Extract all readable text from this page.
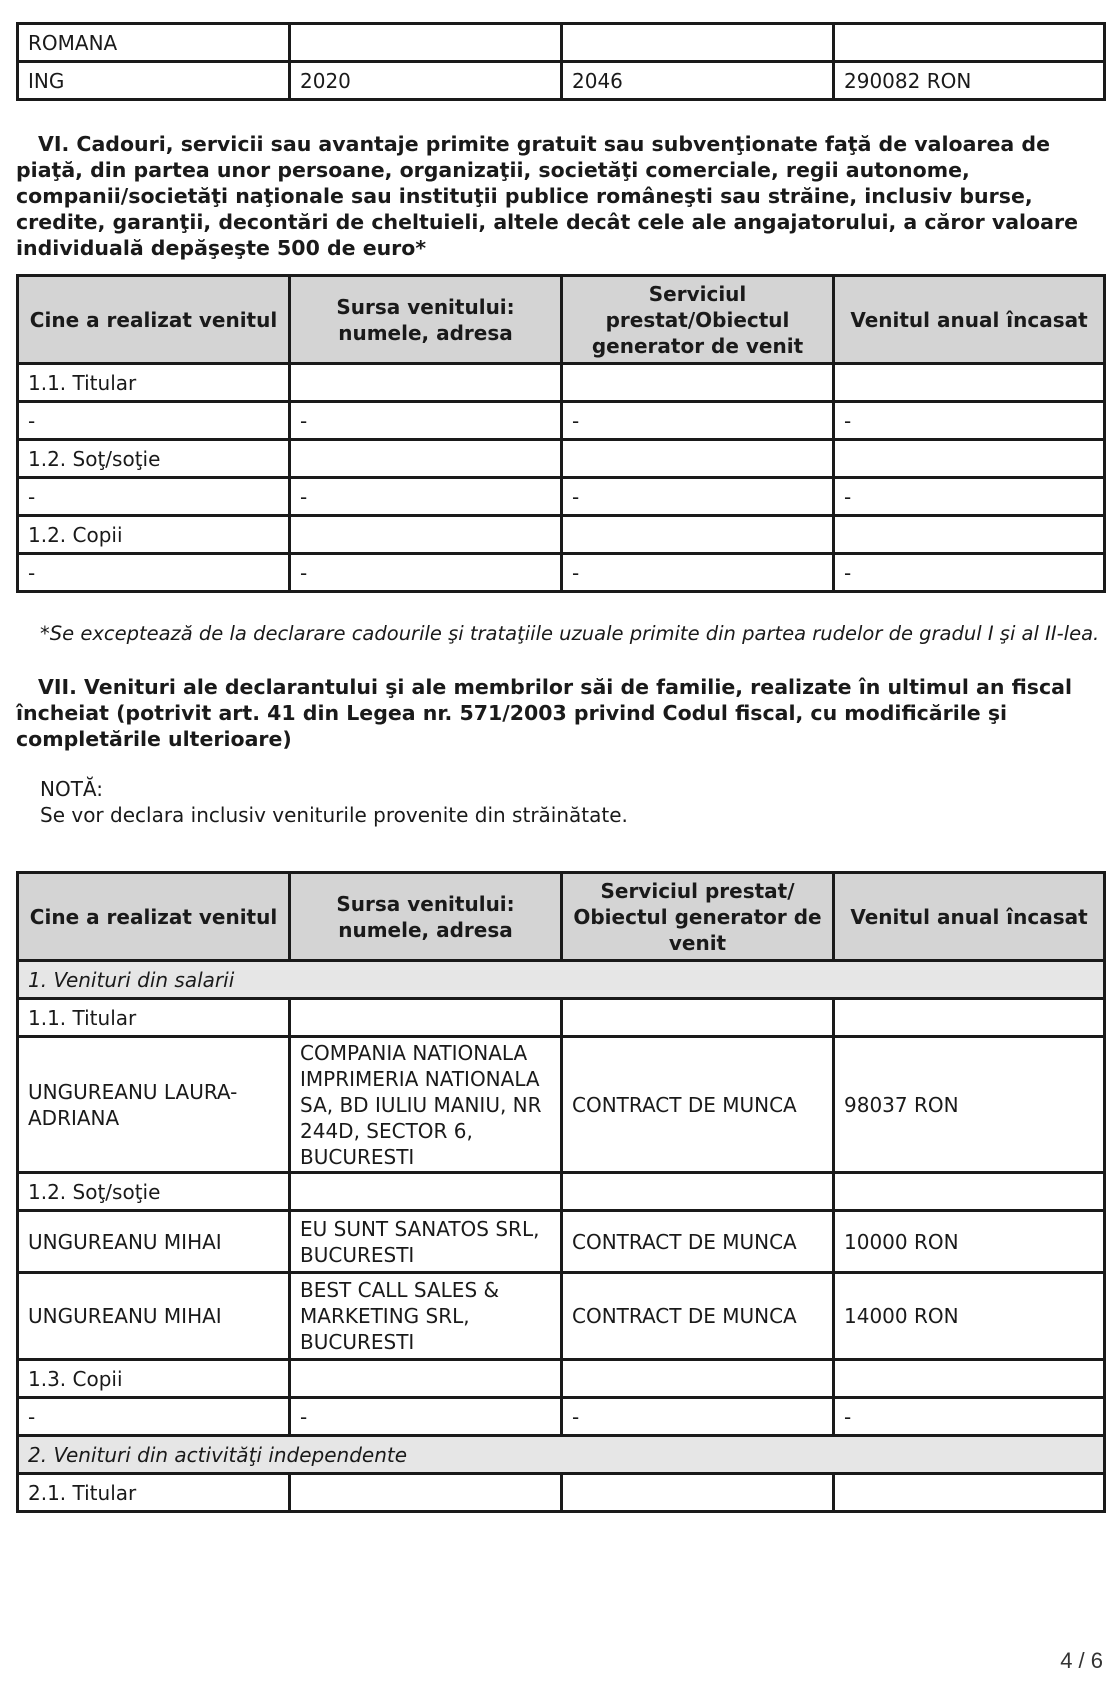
ROMANA			
ING	2020	2046	290082 RON

VI. Cadouri, servicii sau avantaje primite gratuit sau subvenţionate faţă de valoarea de piaţă, din partea unor persoane, organizaţii, societăţi comerciale, regii autonome, companii/societăţi naţionale sau instituţii publice româneşti sau străine, inclusiv burse, credite, garanţii, decontări de cheltuieli, altele decât cele ale angajatorului, a căror valoare individuală depăşeşte 500 de euro*

Cine a realizat venitul	Sursa venitului: numele, adresa	Serviciul prestat/Obiectul generator de venit	Venitul anual încasat
1.1. Titular			
-	-	-	-
1.2. Soţ/soţie			
-	-	-	-
1.2. Copii			
-	-	-	-

*Se exceptează de la declarare cadourile şi trataţiile uzuale primite din partea rudelor de gradul I şi al II-lea.

VII. Venituri ale declarantului şi ale membrilor săi de familie, realizate în ultimul an fiscal încheiat (potrivit art. 41 din Legea nr. 571/2003 privind Codul fiscal, cu modificările şi completările ulterioare)

NOTĂ:

Se vor declara inclusiv veniturile provenite din străinătate.

Cine a realizat venitul	Sursa venitului: numele, adresa	Serviciul prestat/ Obiectul generator de venit	Venitul anual încasat
1. Venituri din salarii			
1.1. Titular			
UNGUREANU LAURA-ADRIANA	COMPANIA NATIONALA IMPRIMERIA NATIONALA SA, BD IULIU MANIU, NR 244D, SECTOR 6, BUCURESTI	CONTRACT DE MUNCA	98037 RON
1.2. Soţ/soţie			
UNGUREANU MIHAI	EU SUNT SANATOS SRL, BUCURESTI	CONTRACT DE MUNCA	10000 RON
UNGUREANU MIHAI	BEST CALL SALES & MARKETING SRL, BUCURESTI	CONTRACT DE MUNCA	14000 RON
1.3. Copii			
-	-	-	-
2. Venituri din activităţi independente			
2.1. Titular			
4 / 6
